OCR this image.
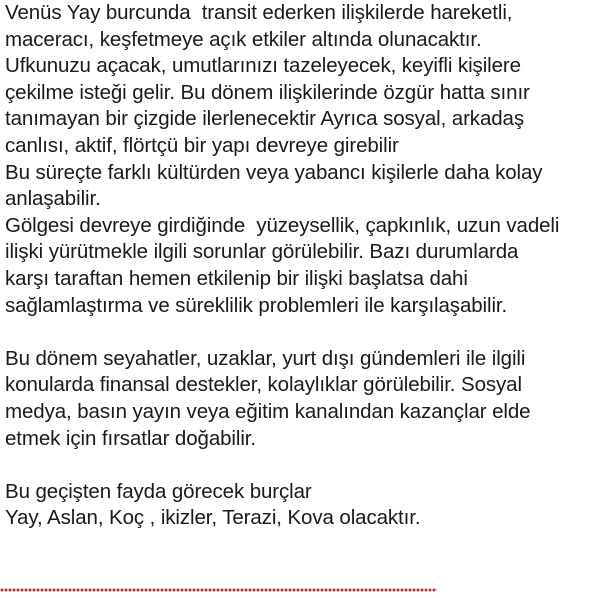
Venüs Yay burcunda  transit ederken ilişkilerde hareketli,
maceracı, keşfetmeye açık etkiler altında olunacaktır.
Ufkunuzu açacak, umutlarınızı tazeleyecek, keyifli kişilere
çekilme isteği gelir. Bu dönem ilişkilerinde özgür hatta sınır
tanımayan bir çizgide ilerlenecektir Ayrıca sosyal, arkadaş
canlısı, aktif, flörtçü bir yapı devreye girebilir
Bu süreçte farklı kültürden veya yabancı kişilerle daha kolay
anlaşabilir.
Gölgesi devreye girdiğinde  yüzeysellik, çapkınlık, uzun vadeli
ilişki yürütmekle ilgili sorunlar görülebilir. Bazı durumlarda
karşı taraftan hemen etkilenip bir ilişki başlatsa dahi
sağlamlaştırma ve süreklilik problemleri ile karşılaşabilir.
Bu dönem seyahatler, uzaklar, yurt dışı gündemleri ile ilgili
konularda finansal destekler, kolaylıklar görülebilir. Sosyal
medya, basın yayın veya eğitim kanalından kazançlar elde
etmek için fırsatlar doğabilir.
Bu geçişten fayda görecek burçlar
Yay, Aslan, Koç , ikizler, Terazi, Kova olacaktır.
